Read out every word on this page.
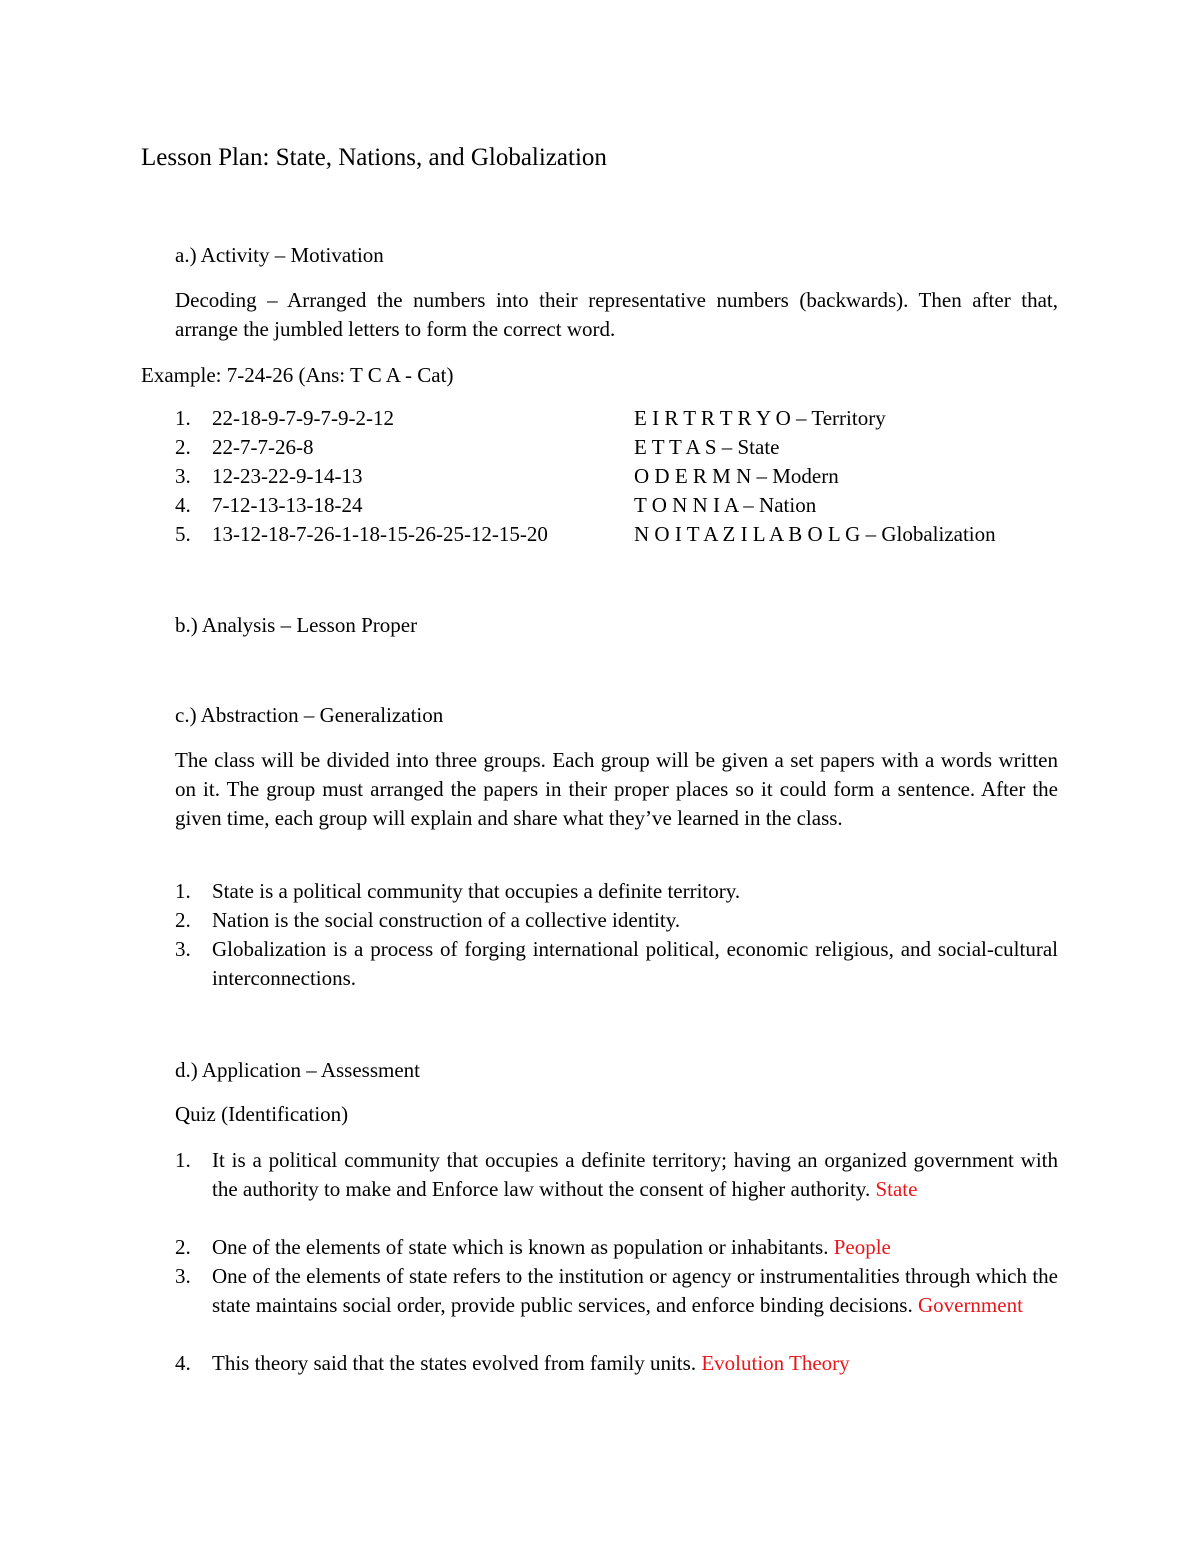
Lesson Plan: State, Nations, and Globalization
a.) Activity – Motivation
Decoding – Arranged the numbers into their representative numbers (backwards). Then after that, arrange the jumbled letters to form the correct word.
Example: 7-24-26 (Ans: T C A - Cat)
1.	22-18-9-7-9-7-9-2-12	E I R T R T R Y O – Territory
2.	22-7-7-26-8	E T T A S – State
3.	12-23-22-9-14-13	O D E R M N – Modern
4.	7-12-13-13-18-24	T O N N I A – Nation
5.	13-12-18-7-26-1-18-15-26-25-12-15-20	N O I T A Z I L A B O L G – Globalization
b.) Analysis – Lesson Proper
c.) Abstraction – Generalization
The class will be divided into three groups. Each group will be given a set papers with a words written on it. The group must arranged the papers in their proper places so it could form a sentence. After the given time, each group will explain and share what they’ve learned in the class.
1.	State is a political community that occupies a definite territory.
2.	Nation is the social construction of a collective identity.
3.	Globalization is a process of forging international political, economic religious, and social-cultural interconnections.
d.) Application – Assessment
Quiz (Identification)
1.	It is a political community that occupies a definite territory; having an organized government with the authority to make and Enforce law without the consent of higher authority. State
2.	One of the elements of state which is known as population or inhabitants. People
3.	One of the elements of state refers to the institution or agency or instrumentalities through which the state maintains social order, provide public services, and enforce binding decisions. Government
4.	This theory said that the states evolved from family units. Evolution Theory
